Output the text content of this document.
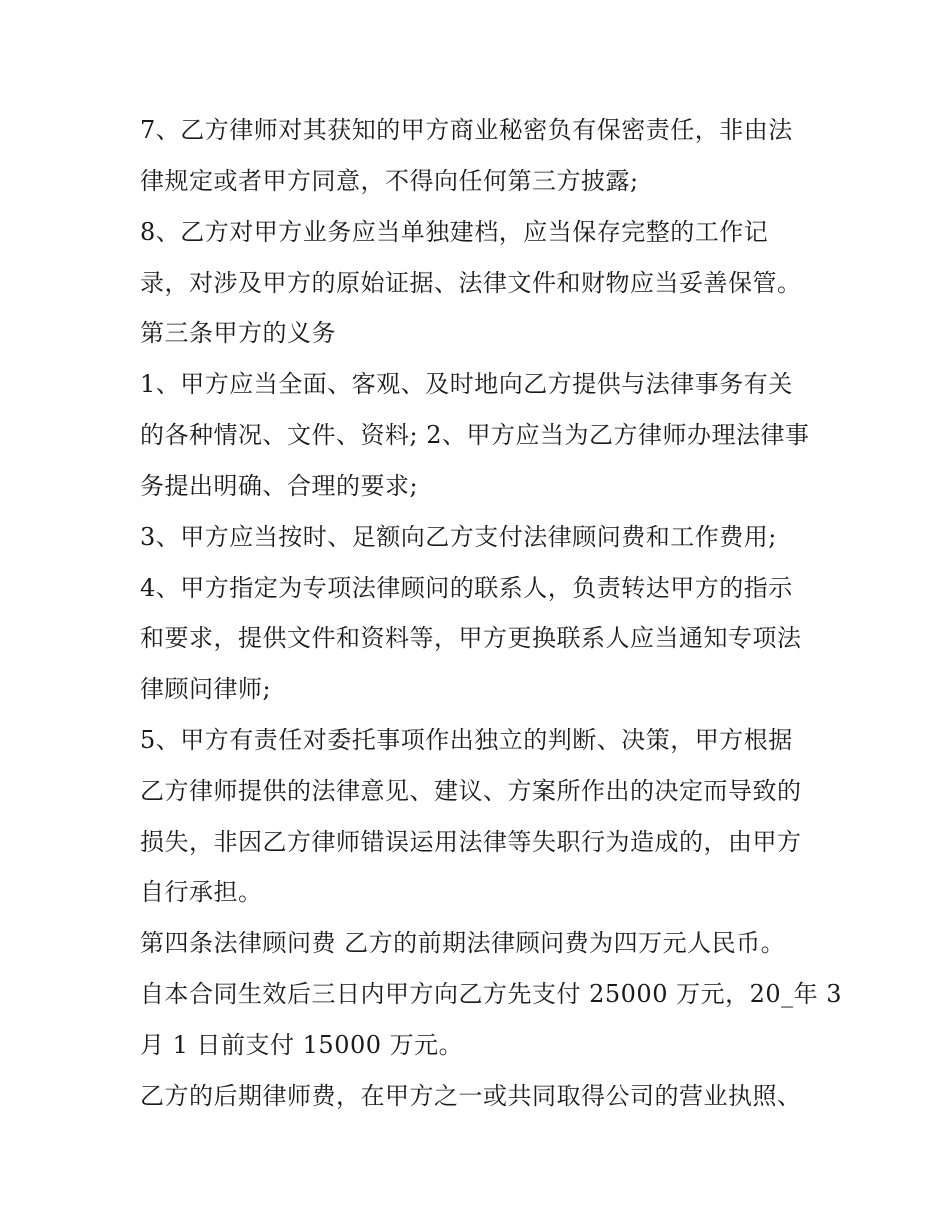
7、乙方律师对其获知的甲方商业秘密负有保密责任，非由法
律规定或者甲方同意，不得向任何第三方披露;
8、乙方对甲方业务应当单独建档，应当保存完整的工作记
录，对涉及甲方的原始证据、法律文件和财物应当妥善保管。
第三条甲方的义务
1、甲方应当全面、客观、及时地向乙方提供与法律事务有关
的各种情况、文件、资料; 2、甲方应当为乙方律师办理法律事
务提出明确、合理的要求;
3、甲方应当按时、足额向乙方支付法律顾问费和工作费用;
4、甲方指定为专项法律顾问的联系人，负责转达甲方的指示
和要求，提供文件和资料等，甲方更换联系人应当通知专项法
律顾问律师;
5、甲方有责任对委托事项作出独立的判断、决策，甲方根据
乙方律师提供的法律意见、建议、方案所作出的决定而导致的
损失，非因乙方律师错误运用法律等失职行为造成的，由甲方
自行承担。
第四条法律顾问费 乙方的前期法律顾问费为四万元人民币。
自本合同生效后三日内甲方向乙方先支付 25000 万元，20_年 3
月 1 日前支付 15000 万元。
乙方的后期律师费，在甲方之一或共同取得公司的营业执照、
